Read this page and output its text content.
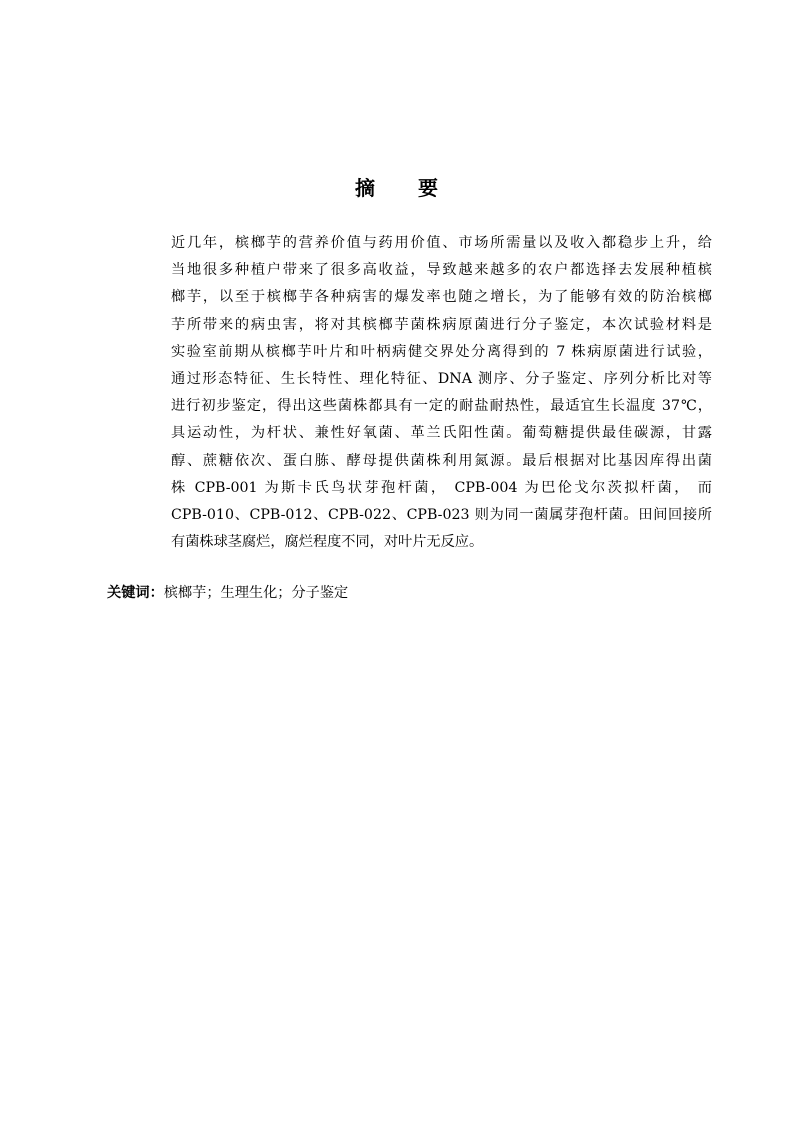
摘 要
近几年，槟榔芋的营养价值与药用价值、市场所需量以及收入都稳步上升，给
当地很多种植户带来了很多高收益，导致越来越多的农户都选择去发展种植槟
榔芋，以至于槟榔芋各种病害的爆发率也随之增长，为了能够有效的防治槟榔
芋所带来的病虫害，将对其槟榔芋菌株病原菌进行分子鉴定，本次试验材料是
实验室前期从槟榔芋叶片和叶柄病健交界处分离得到的 7 株病原菌进行试验，
通过形态特征、生长特性、理化特征、DNA 测序、分子鉴定、序列分析比对等
进行初步鉴定，得出这些菌株都具有一定的耐盐耐热性，最适宜生长温度 37℃，
具运动性，为杆状、兼性好氧菌、革兰氏阳性菌。葡萄糖提供最佳碳源，甘露
醇、蔗糖依次、蛋白胨、酵母提供菌株利用氮源。最后根据对比基因库得出菌
株 CPB-001 为斯卡氏鸟状芽孢杆菌， CPB-004 为巴伦戈尔茨拟杆菌， 而
CPB-010、CPB-012、CPB-022、CPB-023 则为同一菌属芽孢杆菌。田间回接所
有菌株球茎腐烂，腐烂程度不同，对叶片无反应。
关键词：槟榔芋；生理生化；分子鉴定
